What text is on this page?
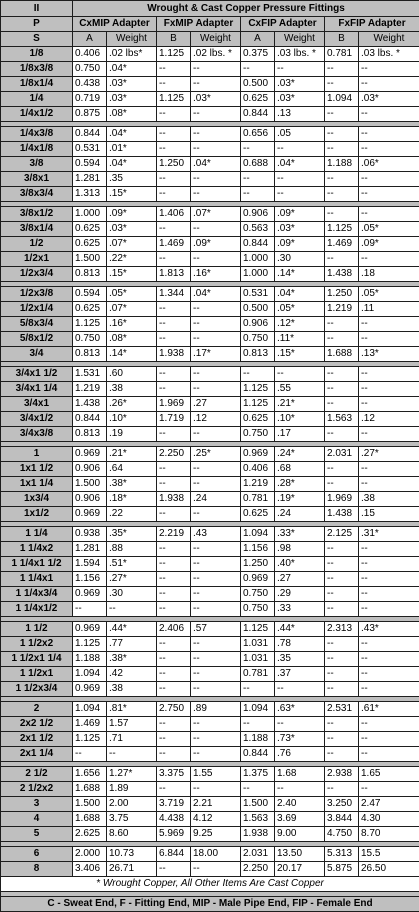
II	Wrought & Cast Copper Pressure Fittings							
P	CxMIP Adapter		FxMIP Adapter		CxFIP Adapter		FxFIP Adapter	
S	A	Weight	B	Weight	A	Weight	B	Weight
1/8	0.406	.02 lbs*	1.125	.02 lbs. *	0.375	.03 lbs. *	0.781	.03 lbs. *
1/8x3/8	0.750	.04*	--	--	--	--	--	--
1/8x1/4	0.438	.03*	--	--	0.500	.03*	--	--
1/4	0.719	.03*	1.125	.03*	0.625	.03*	1.094	.03*
1/4x1/2	0.875	.08*	--	--	0.844	.13	--	--

1/4x3/8	0.844	.04*	--	--	0.656	.05	--	--
1/4x1/8	0.531	.01*	--	--	--	--	--	--
3/8	0.594	.04*	1.250	.04*	0.688	.04*	1.188	.06*
3/8x1	1.281	.35	--	--	--	--	--	--
3/8x3/4	1.313	.15*	--	--	--	--	--	--

3/8x1/2	1.000	.09*	1.406	.07*	0.906	.09*	--	--
3/8x1/4	0.625	.03*	--	--	0.563	.03*	1.125	.05*
1/2	0.625	.07*	1.469	.09*	0.844	.09*	1.469	.09*
1/2x1	1.500	.22*	--	--	1.000	.30	--	--
1/2x3/4	0.813	.15*	1.813	.16*	1.000	.14*	1.438	.18

1/2x3/8	0.594	.05*	1.344	.04*	0.531	.04*	1.250	.05*
1/2x1/4	0.625	.07*	--	--	0.500	.05*	1.219	.11
5/8x3/4	1.125	.16*	--	--	0.906	.12*	--	--
5/8x1/2	0.750	.08*	--	--	0.750	.11*	--	--
3/4	0.813	.14*	1.938	.17*	0.813	.15*	1.688	.13*

3/4x1 1/2	1.531	.60	--	--	--	--	--	--
3/4x1 1/4	1.219	.38	--	--	1.125	.55	--	--
3/4x1	1.438	.26*	1.969	.27	1.125	.21*	--	--
3/4x1/2	0.844	.10*	1.719	.12	0.625	.10*	1.563	.12
3/4x3/8	0.813	.19	--	--	0.750	.17	--	--

1	0.969	.21*	2.250	.25*	0.969	.24*	2.031	.27*
1x1 1/2	0.906	.64	--	--	0.406	.68	--	--
1x1 1/4	1.500	.38*	--	--	1.219	.28*	--	--
1x3/4	0.906	.18*	1.938	.24	0.781	.19*	1.969	.38
1x1/2	0.969	.22	--	--	0.625	.24	1.438	.15

1 1/4	0.938	.35*	2.219	.43	1.094	.33*	2.125	.31*
1 1/4x2	1.281	.88	--	--	1.156	.98	--	--
1 1/4x1 1/2	1.594	.51*	--	--	1.250	.40*	--	--
1 1/4x1	1.156	.27*	--	--	0.969	.27	--	--
1 1/4x3/4	0.969	.30	--	--	0.750	.29	--	--
1 1/4x1/2	--	--	--	--	0.750	.33	--	--

1 1/2	0.969	.44*	2.406	.57	1.125	.44*	2.313	.43*
1 1/2x2	1.125	.77	--	--	1.031	.78	--	--
1 1/2x1 1/4	1.188	.38*	--	--	1.031	.35	--	--
1 1/2x1	1.094	.42	--	--	0.781	.37	--	--
1 1/2x3/4	0.969	.38	--	--	--	--	--	--

2	1.094	.81*	2.750	.89	1.094	.63*	2.531	.61*
2x2 1/2	1.469	1.57	--	--	--	--	--	--
2x1 1/2	1.125	.71	--	--	1.188	.73*	--	--
2x1 1/4	--	--	--	--	0.844	.76	--	--

2 1/2	1.656	1.27*	3.375	1.55	1.375	1.68	2.938	1.65
2 1/2x2	1.688	1.89	--	--	--	--	--	--
3	1.500	2.00	3.719	2.21	1.500	2.40	3.250	2.47
4	1.688	3.75	4.438	4.12	1.563	3.69	3.844	4.30
5	2.625	8.60	5.969	9.25	1.938	9.00	4.750	8.70

6	2.000	10.73	6.844	18.00	2.031	13.50	5.313	15.5
8	3.406	26.71	--	--	2.250	20.17	5.875	26.50
* Wrought Copper, All Other Items Are Cast Copper								

C - Sweat End, F - Fitting End, MIP - Male Pipe End, FIP - Female End								
